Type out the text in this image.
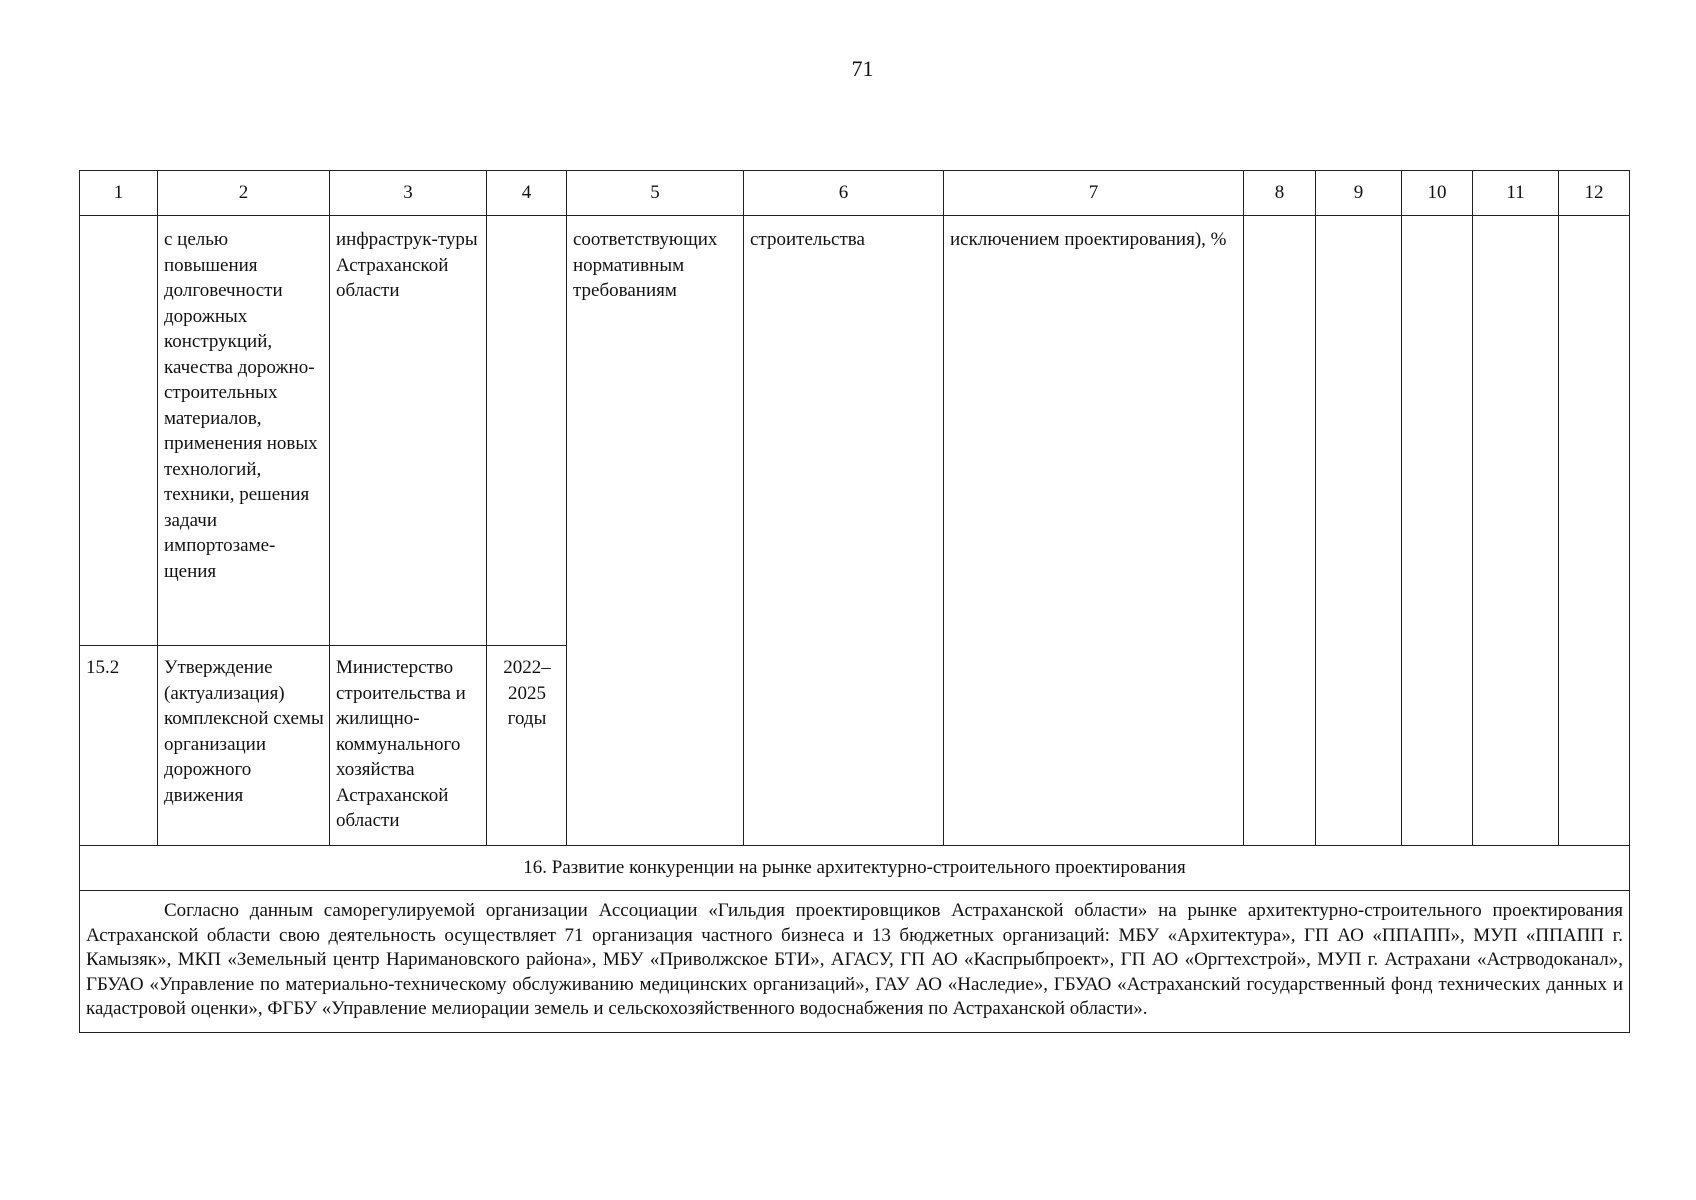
71
1	2	3	4	5	6	7	8	9	10	11	12
	с целью повышения долговечности дорожных конструкций, качества дорожно-строительных материалов, применения новых технологий, техники, решения задачи импортозаме-щения	инфраструк-туры Астраханской области		соответствующих нормативным требованиям	строительства	исключением проектирования), %					
15.2	Утверждение (актуализация) комплексной схемы организации дорожного движения	Министерство строительства и жилищно-коммунального хозяйства Астраханской области	2022–2025 годы								
16. Развитие конкуренции на рынке архитектурно-строительного проектирования											
Согласно данным саморегулируемой организации Ассоциации «Гильдия проектировщиков Астраханской области» на рынке архитектурно-строительного проектирования Астраханской области свою деятельность осуществляет 71 организация частного бизнеса и 13 бюджетных организаций: МБУ «Архитектура», ГП АО «ППАПП», МУП «ППАПП г. Камызяк», МКП «Земельный центр Наримановского района», МБУ «Приволжское БТИ», АГАСУ, ГП АО «Каспрыбпроект», ГП АО «Оргтехстрой», МУП г. Астрахани «Астрводоканал», ГБУАО «Управление по материально-техническому обслуживанию медицинских организаций», ГАУ АО «Наследие», ГБУАО «Астраханский государственный фонд технических данных и кадастровой оценки», ФГБУ «Управление мелиорации земель и сельскохозяйственного водоснабжения по Астраханской области».											
